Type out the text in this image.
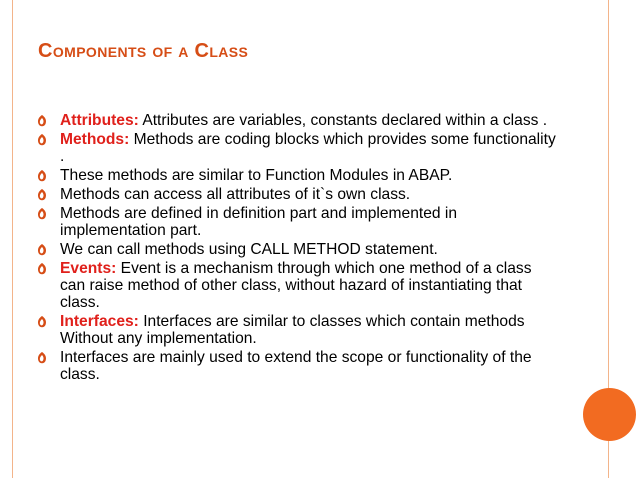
COMPONENTS OF A CLASS
Attributes: Attributes are variables, constants declared within a class .
Methods: Methods are coding blocks which provides some functionality .
These methods are similar to Function Modules in ABAP.
Methods can access all attributes of it`s own class.
Methods are defined in definition part and implemented in implementation part.
We can call methods using CALL METHOD statement.
Events: Event is a mechanism through which one method of a class can raise method of other class, without hazard of instantiating that class.
Interfaces: Interfaces are similar to classes which contain methods Without any implementation.
Interfaces are mainly used to extend the scope or functionality of the class.
